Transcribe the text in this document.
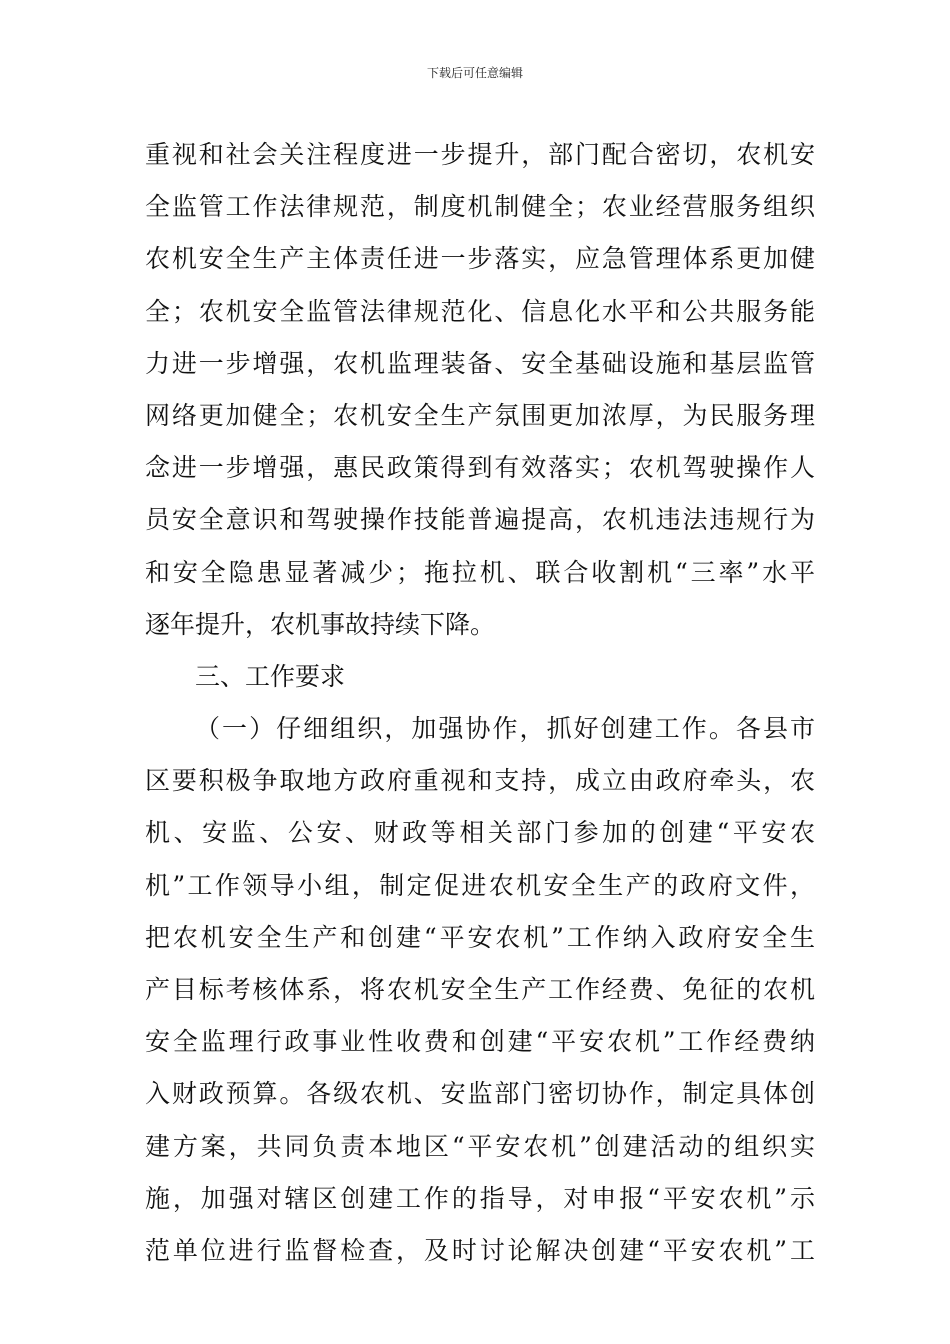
下载后可任意编辑
重视和社会关注程度进一步提升，部门配合密切，农机安
全监管工作法律规范，制度机制健全；农业经营服务组织
农机安全生产主体责任进一步落实，应急管理体系更加健
全；农机安全监管法律规范化、信息化水平和公共服务能
力进一步增强，农机监理装备、安全基础设施和基层监管
网络更加健全；农机安全生产氛围更加浓厚，为民服务理
念进一步增强，惠民政策得到有效落实；农机驾驶操作人
员安全意识和驾驶操作技能普遍提高，农机违法违规行为
和安全隐患显著减少；拖拉机、联合收割机“三率”水平
逐年提升，农机事故持续下降。
三、工作要求
（一）仔细组织，加强协作，抓好创建工作。各县市
区要积极争取地方政府重视和支持，成立由政府牵头，农
机、安监、公安、财政等相关部门参加的创建“平安农
机”工作领导小组，制定促进农机安全生产的政府文件，
把农机安全生产和创建“平安农机”工作纳入政府安全生
产目标考核体系，将农机安全生产工作经费、免征的农机
安全监理行政事业性收费和创建“平安农机”工作经费纳
入财政预算。各级农机、安监部门密切协作，制定具体创
建方案，共同负责本地区“平安农机”创建活动的组织实
施，加强对辖区创建工作的指导，对申报“平安农机”示
范单位进行监督检查，及时讨论解决创建“平安农机”工
